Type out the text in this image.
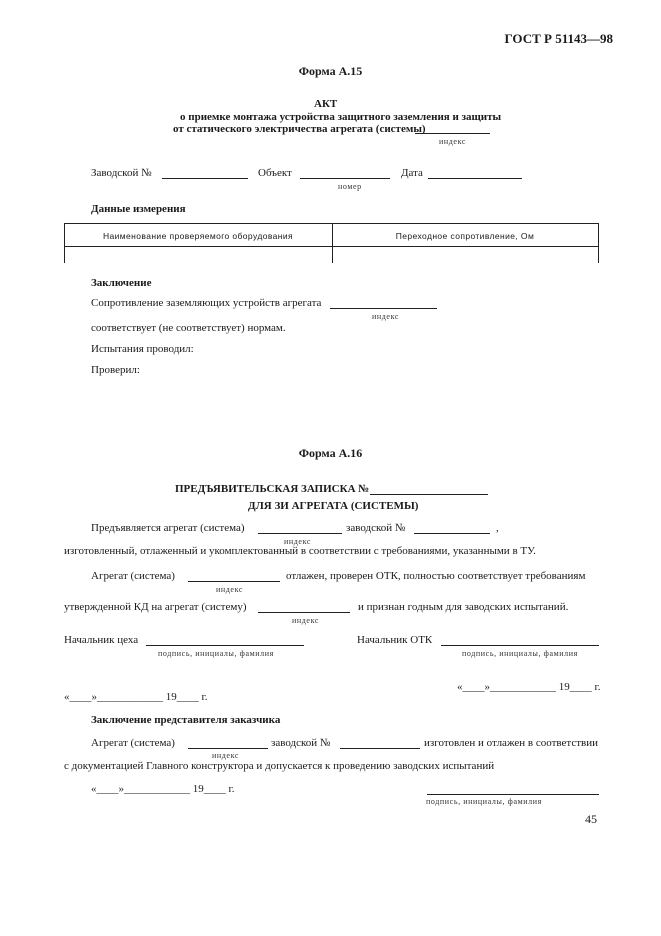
ГОСТ Р 51143—98
Форма А.15
АКТ
о приемке монтажа устройства защитного заземления и защиты
от статического электричества агрегата (системы)
индекс
Заводской №	Объект
номер
Дата
Данные измерения
Наименование проверяемого оборудования	Переходное сопротивление, Ом
Заключение
Сопротивление заземляющих устройств агрегата
индекс
соответствует (не соответствует) нормам.
Испытания проводил:
Проверил:
Форма А.16
ПРЕДЪЯВИТЕЛЬСКАЯ ЗАПИСКА №
ДЛЯ ЗИ АГРЕГАТА (СИСТЕМЫ)
Предъявляется агрегат (система)
индекс
заводской №	,
изготовленный, отлаженный и укомплектованный в соответствии с требованиями, указанными в ТУ.
Агрегат (система)
индекс
отлажен, проверен ОТК, полностью соответствует требованиям
утвержденной КД на агрегат (систему)
индекс
и признан годным для заводских испытаний.
Начальник цеха
подпись, инициалы, фамилия
Начальник ОТК
подпись, инициалы, фамилия
«____»____________ 19____ г.
«____»____________ 19____ г.
Заключение представителя заказчика
Агрегат (система)
индекс
заводской №	изготовлен и отлажен в соответствии
с документацией Главного конструктора и допускается к проведению заводских испытаний
«____»____________ 19____ г.
подпись, инициалы, фамилия
45
